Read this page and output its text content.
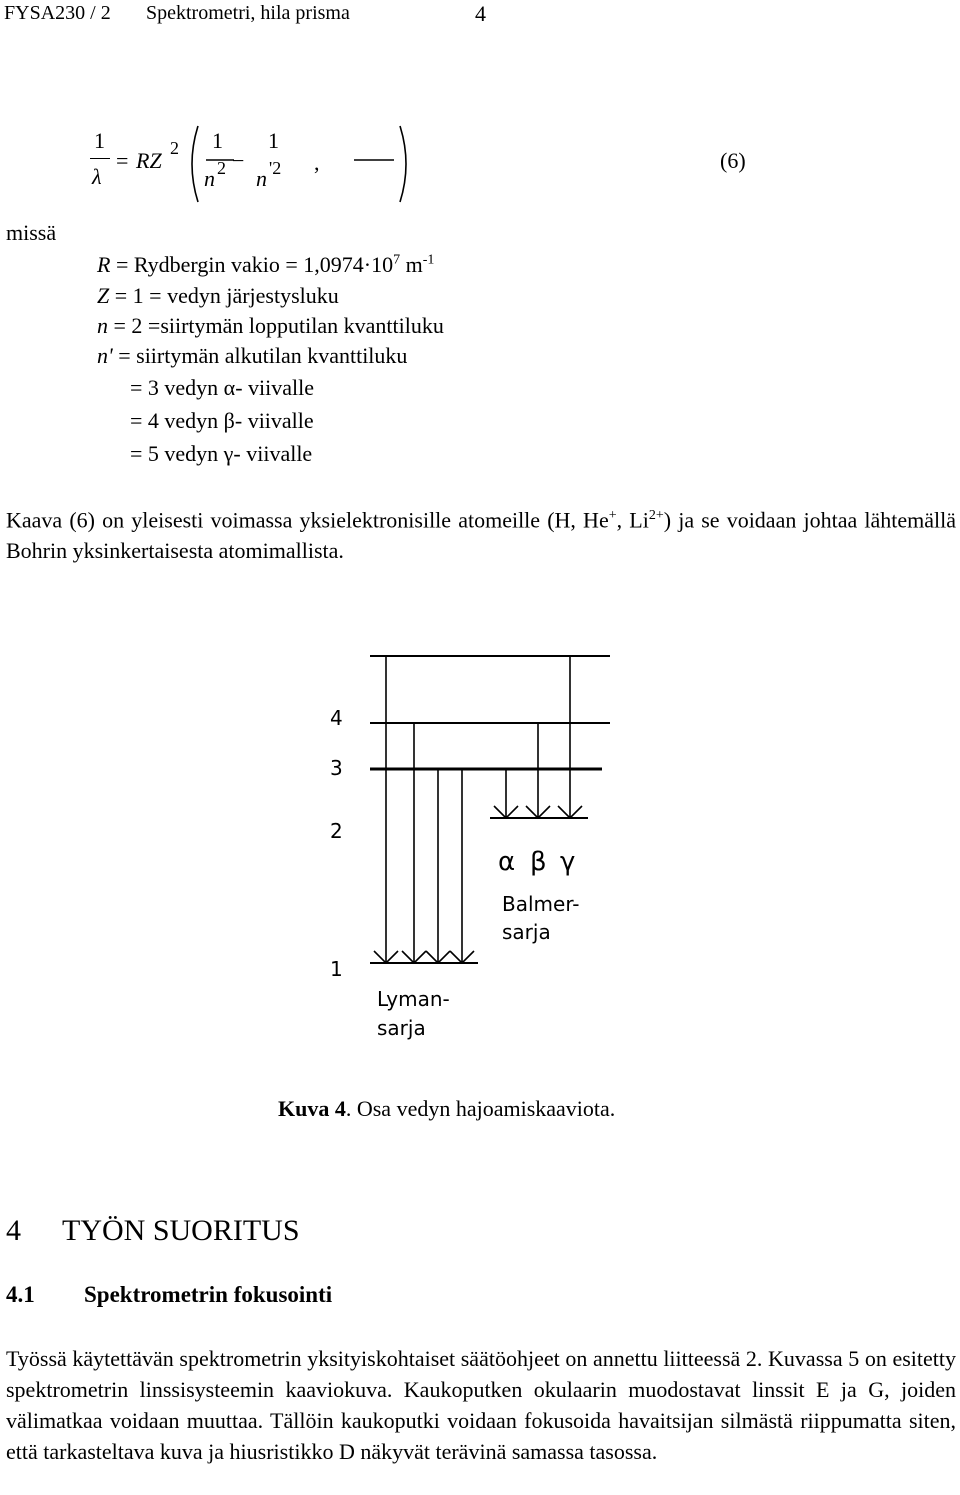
FYSA230 / 2 Spektrometri, hila prisma	4
1
λ
= RZ 2 1
n 2 −
1
n '2 ,	(6)
missä
R = Rydbergin vakio = $1,0974\cdot 10^7$ $m^{-1}$
Z = 1 = vedyn järjestysluku
n = 2 =siirtymän lopputilan kvanttiluku
n' = siirtymän alkutilan kvanttiluku
= 3 vedyn α- viivalle
= 4 vedyn β- viivalle
= 5 vedyn γ- viivalle
Kaava (6) on yleisesti voimassa yksielektronisille atomeille (H, He+, $Li^{2+}$) ja se voidaan johtaa lähtemällä Bohrin yksinkertaisesta atomimallista.
4
3
2
1
α β γ
Balmer-
sarja
Lyman-
sarja
Kuva 4. Osa vedyn hajoamiskaaviota.
4 TYÖN SUORITUS
4.1 Spektrometrin fokusointi
Työssä käytettävän spektrometrin yksityiskohtaiset säätöohjeet on annettu liitteessä 2. Kuvassa 5 on esitetty spektrometrin linssisysteemin kaaviokuva. Kaukoputken okulaarin muodostavat linssit E ja G, joiden välimatkaa voidaan muuttaa. Tällöin kaukoputki voidaan fokusoida havaitsijan silmästä riippumatta siten, että tarkasteltava kuva ja hiusristikko D näkyvät terävinä samassa tasossa.
